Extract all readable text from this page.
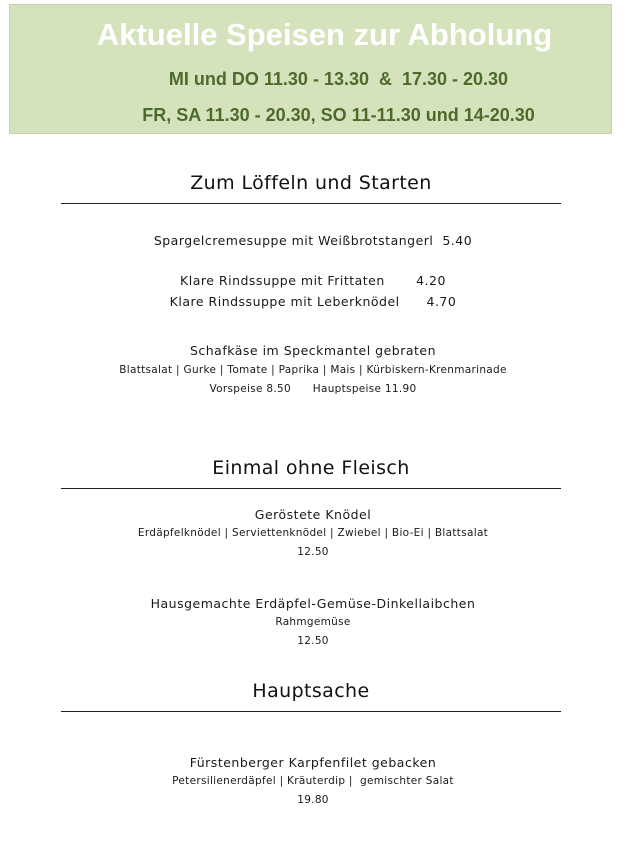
Aktuelle Speisen zur Abholung
MI und DO 11.30 - 13.30  &  17.30 - 20.30
FR, SA 11.30 - 20.30, SO 11-11.30 und 14-20.30
Zum Löffeln und Starten
Spargelcremesuppe mit Weißbrotstangerl  5.40
Klare Rindssuppe mit Frittaten       4.20
Klare Rindssuppe mit Leberknödel      4.70
Schafkäse im Speckmantel gebraten
Blattsalat | Gurke | Tomate | Paprika | Mais | Kürbiskern-Krenmarinade
Vorspeise 8.50      Hauptspeise 11.90
Einmal ohne Fleisch
Geröstete Knödel
Erdäpfelknödel | Serviettenknödel | Zwiebel | Bio-Ei | Blattsalat
12.50
Hausgemachte Erdäpfel-Gemüse-Dinkellaibchen
Rahmgemüse
12.50
Hauptsache
Fürstenberger Karpfenfilet gebacken
Petersilienerdäpfel | Kräuterdip |  gemischter Salat
19.80
